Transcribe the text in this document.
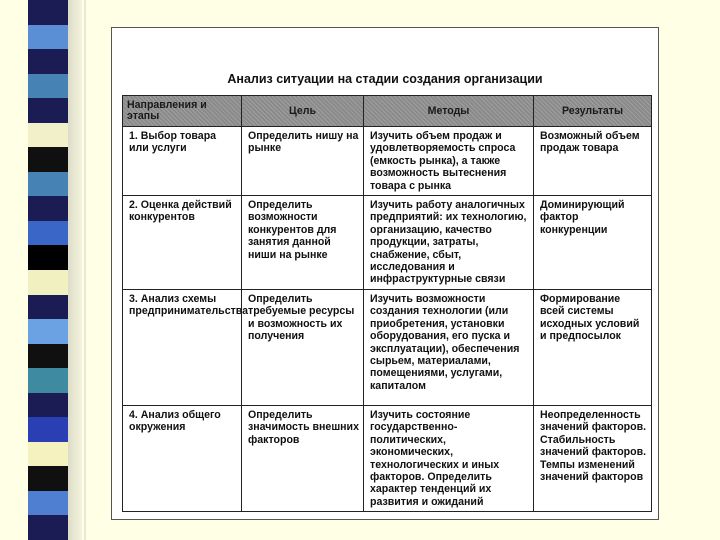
Анализ ситуации на стадии создания организации
Направления и этапы	Цель	Методы	Результаты
1. Выбор товара или услуги	Определить нишу на рынке	Изучить объем продаж и удовлетворяемость спроса (емкость рынка), а также возможность вытеснения товара с рынка	Возможный объем продаж товара
2. Оценка действий конкурентов	Определить возможности конкурентов для занятия данной ниши на рынке	Изучить работу аналогичных предприятий: их технологию, организацию, качество продукции, затраты, снабжение, сбыт, исследования и инфраструктурные связи	Доминирующий фактор конкуренции
3. Анализ схемы предпринимательства	Определить требуемые ресурсы и возможность их получения	Изучить возможности создания технологии (или приобретения, установки оборудования, его пуска и эксплуатации), обеспечения сырьем, материалами, помещениями, услугами, капиталом	Формирование всей системы исходных условий и предпосылок
4. Анализ общего окружения	Определить значимость внешних факторов	Изучить состояние государственно-политических, экономических, технологических и иных факторов. Определить характер тенденций их развития и ожиданий	Неопределенность значений факторов. Стабильность значений факторов. Темпы изменений значений факторов
